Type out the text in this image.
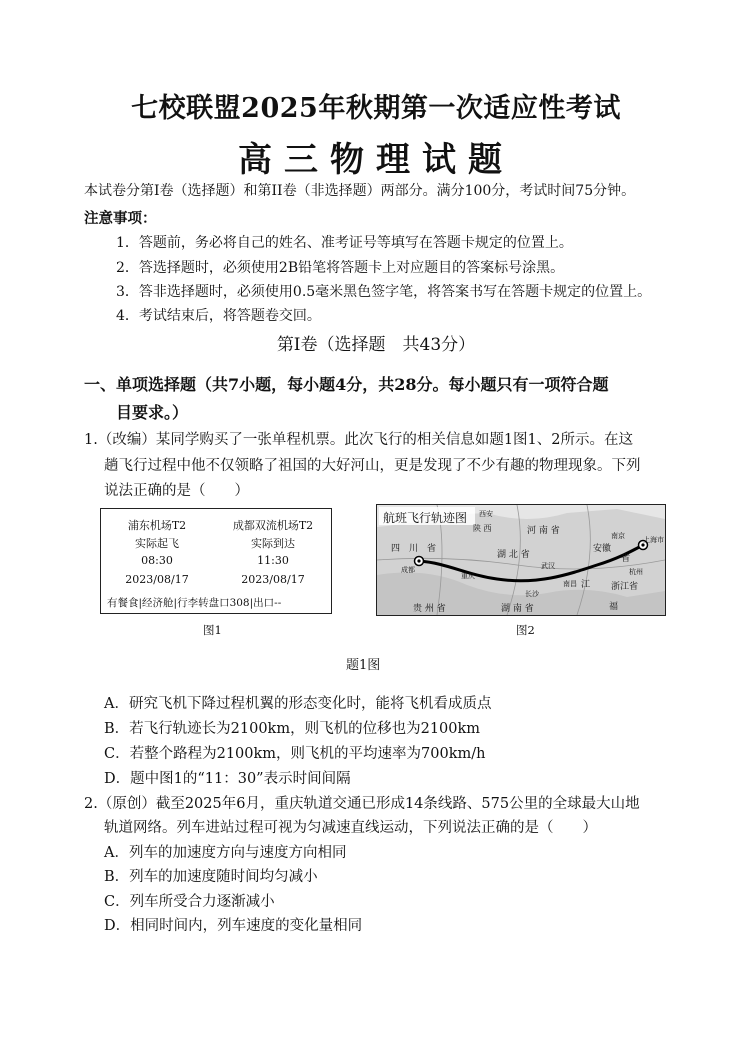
七校联盟2025年秋期第一次适应性考试
高三物理试题
本试卷分第I卷（选择题）和第II卷（非选择题）两部分。满分100分，考试时间75分钟。
注意事项：
1．答题前，务必将自己的姓名、准考证号等填写在答题卡规定的位置上。
2．答选择题时，必须使用2B铅笔将答题卡上对应题目的答案标号涂黑。
3．答非选择题时，必须使用0.5毫米黑色签字笔，将答案书写在答题卡规定的位置上。
4．考试结束后，将答题卷交回。
第I卷（选择题　共43分）
一、单项选择题（共7小题，每小题4分，共28分。每小题只有一项符合题
目要求。）
1.（改编）某同学购买了一张单程机票。此次飞行的相关信息如题1图1、2所示。在这
趟飞行过程中他不仅领略了祖国的大好河山，更是发现了不少有趣的物理现象。下列
说法正确的是（　　）
浦东机场T2
实际起飞
08:30
2023/08/17
成都双流机场T2
实际到达
11:30
2023/08/17
有餐食|经济舱|行李转盘口308|出口--
图1
航班飞行轨迹图
四　川　省
成都
重庆
湖 北 省
河 南 省
陕 西
武汉
南京	上海市
杭州
浙江省
江
安徽
贵 州 省	湖 南 省
长沙
南昌
福
省
西安
图2
题1图
A．研究飞机下降过程机翼的形态变化时，能将飞机看成质点
B．若飞行轨迹长为2100km，则飞机的位移也为2100km
C．若整个路程为2100km，则飞机的平均速率为700km/h
D．题中图1的“11：30”表示时间间隔
2.（原创）截至2025年6月，重庆轨道交通已形成14条线路、575公里的全球最大山地
轨道网络。列车进站过程可视为匀减速直线运动，下列说法正确的是（　　）
A．列车的加速度方向与速度方向相同
B．列车的加速度随时间均匀减小
C．列车所受合力逐渐减小
D．相同时间内，列车速度的变化量相同
